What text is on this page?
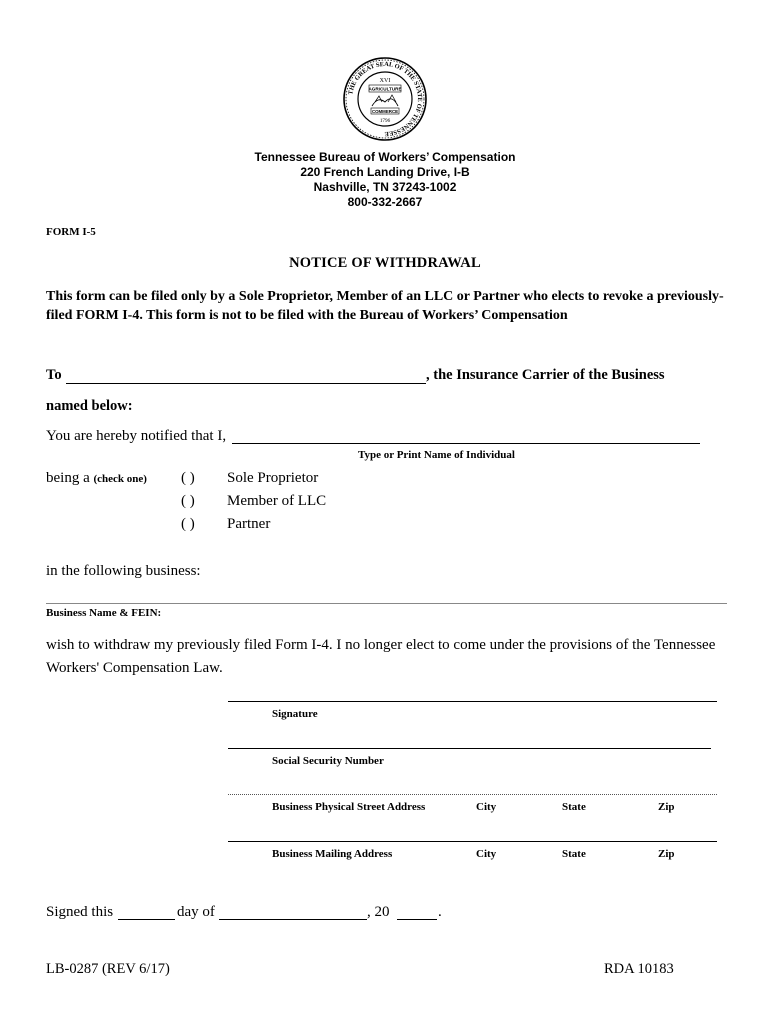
THE GREAT SEAL OF THE STATE OF TENNESSEE
XVI
AGRICULTURE
COMMERCE
1796
Tennessee Bureau of Workers’ Compensation
220 French Landing Drive, I-B
Nashville, TN 37243-1002
800-332-2667
FORM I-5
NOTICE OF WITHDRAWAL
This form can be filed only by a Sole Proprietor, Member of an LLC or Partner who elects to revoke a previously-filed FORM I-4. This form is not to be filed with the Bureau of Workers’ Compensation
To	, the Insurance Carrier of the Business
named below:
You are hereby notified that I,
Type or Print Name of Individual
being a (check one) ( ) Sole Proprietor
( ) Member of LLC
( ) Partner
in the following business:
Business Name & FEIN:
wish to withdraw my previously filed Form I-4. I no longer elect to come under the provisions of the Tennessee Workers' Compensation Law.
Signature
Social Security Number
Business Physical Street Address	City	State	Zip
Business Mailing Address	City	State	Zip
Signed this	day of	, 20	.
LB-0287 (REV 6/17)	RDA 10183
